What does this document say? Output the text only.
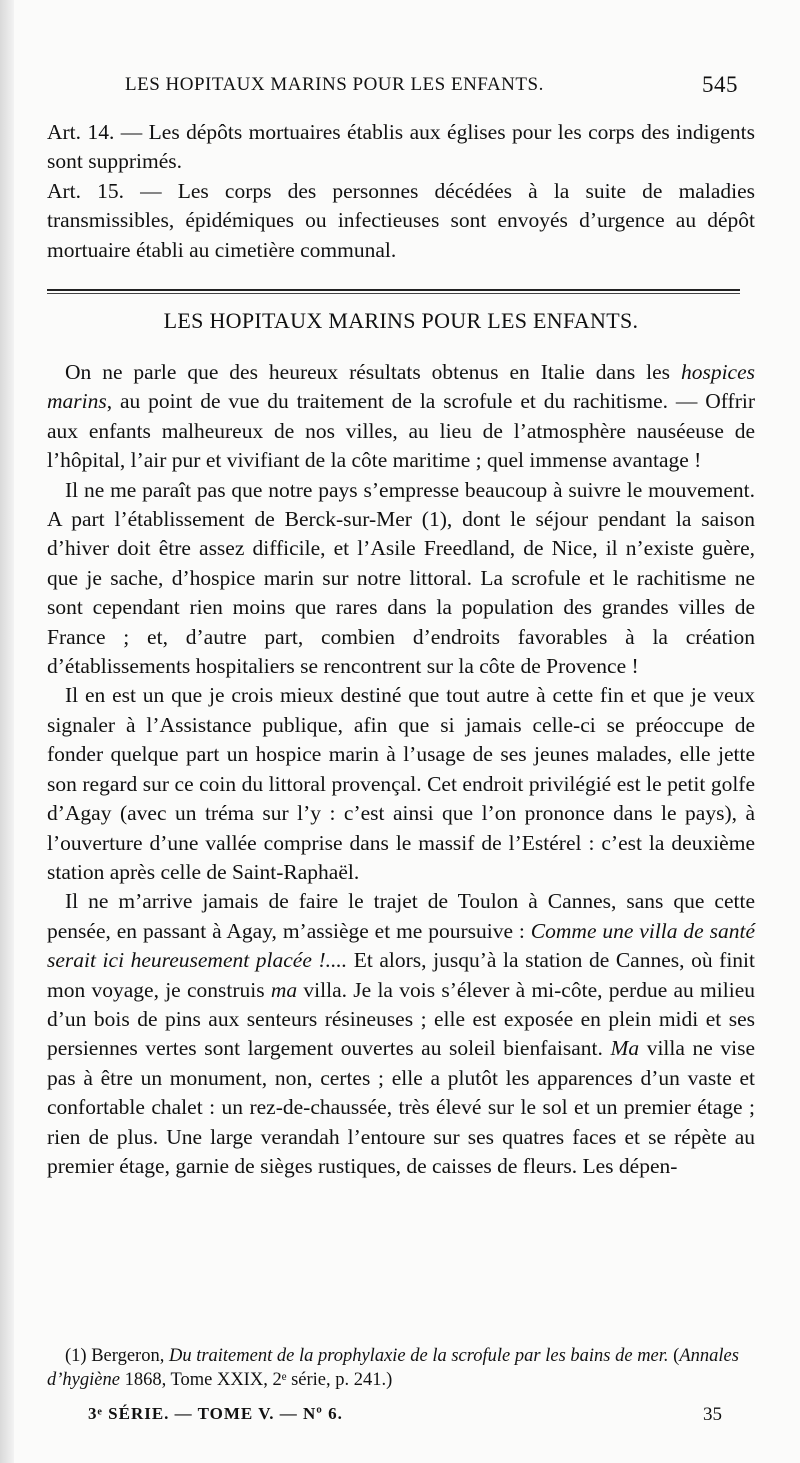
LES HOPITAUX MARINS POUR LES ENFANTS.	545

Art. 14. — Les dépôts mortuaires établis aux églises pour les corps des indigents sont supprimés.

Art. 15. — Les corps des personnes décédées à la suite de maladies transmissibles, épidémiques ou infectieuses sont envoyés d’urgence au dépôt mortuaire établi au cimetière communal.

LES HOPITAUX MARINS POUR LES ENFANTS.

On ne parle que des heureux résultats obtenus en Italie dans les hospices marins, au point de vue du traitement de la scrofule et du rachitisme. — Offrir aux enfants malheureux de nos villes, au lieu de l’atmosphère nauséeuse de l’hôpital, l’air pur et vivifiant de la côte maritime ; quel immense avantage !

Il ne me paraît pas que notre pays s’empresse beaucoup à suivre le mouvement. A part l’établissement de Berck-sur-Mer (1), dont le séjour pendant la saison d’hiver doit être assez difficile, et l’Asile Freedland, de Nice, il n’existe guère, que je sache, d’hospice marin sur notre littoral. La scrofule et le rachitisme ne sont cependant rien moins que rares dans la population des grandes villes de France ; et, d’autre part, combien d’endroits favorables à la création d’établissements hospitaliers se rencontrent sur la côte de Provence !

Il en est un que je crois mieux destiné que tout autre à cette fin et que je veux signaler à l’Assistance publique, afin que si jamais celle-ci se préoccupe de fonder quelque part un hospice marin à l’usage de ses jeunes malades, elle jette son regard sur ce coin du littoral provençal. Cet endroit privilégié est le petit golfe d’Agay (avec un tréma sur l’y : c’est ainsi que l’on prononce dans le pays), à l’ouverture d’une vallée comprise dans le massif de l’Estérel : c’est la deuxième station après celle de Saint-Raphaël.

Il ne m’arrive jamais de faire le trajet de Toulon à Cannes, sans que cette pensée, en passant à Agay, m’assiège et me poursuive : Comme une villa de santé serait ici heureusement placée !.... Et alors, jusqu’à la station de Cannes, où finit mon voyage, je construis ma villa. Je la vois s’élever à mi-côte, perdue au milieu d’un bois de pins aux senteurs résineuses ; elle est exposée en plein midi et ses persiennes vertes sont largement ouvertes au soleil bienfaisant. Ma villa ne vise pas à être un monument, non, certes ; elle a plutôt les apparences d’un vaste et confortable chalet : un rez-de-chaussée, très élevé sur le sol et un premier étage ; rien de plus. Une large verandah l’entoure sur ses quatres faces et se répète au premier étage, garnie de sièges rustiques, de caisses de fleurs. Les dépen-

(1) Bergeron, Du traitement de la prophylaxie de la scrofule par les bains de mer. (Annales d’hygiène 1868, Tome XXIX, 2ᵉ série, p. 241.)

3ᵉ SÉRIE. — TOME V. — Nº 6.	35
